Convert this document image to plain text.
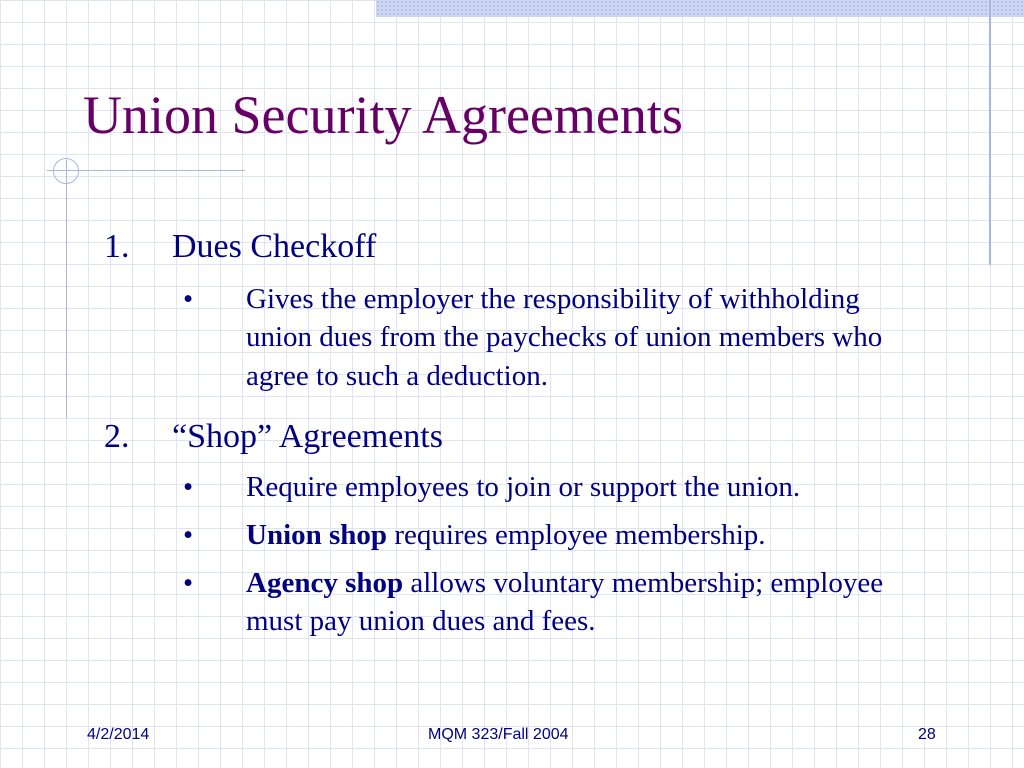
Union Security Agreements
1. Dues Checkoff
• Gives the employer the responsibility of withholding union dues from the paychecks of union members who agree to such a deduction.
2. “Shop” Agreements
• Require employees to join or support the union.
• Union shop requires employee membership.
• Agency shop allows voluntary membership; employee must pay union dues and fees.
4/2/2014	MQM 323/Fall 2004	28
